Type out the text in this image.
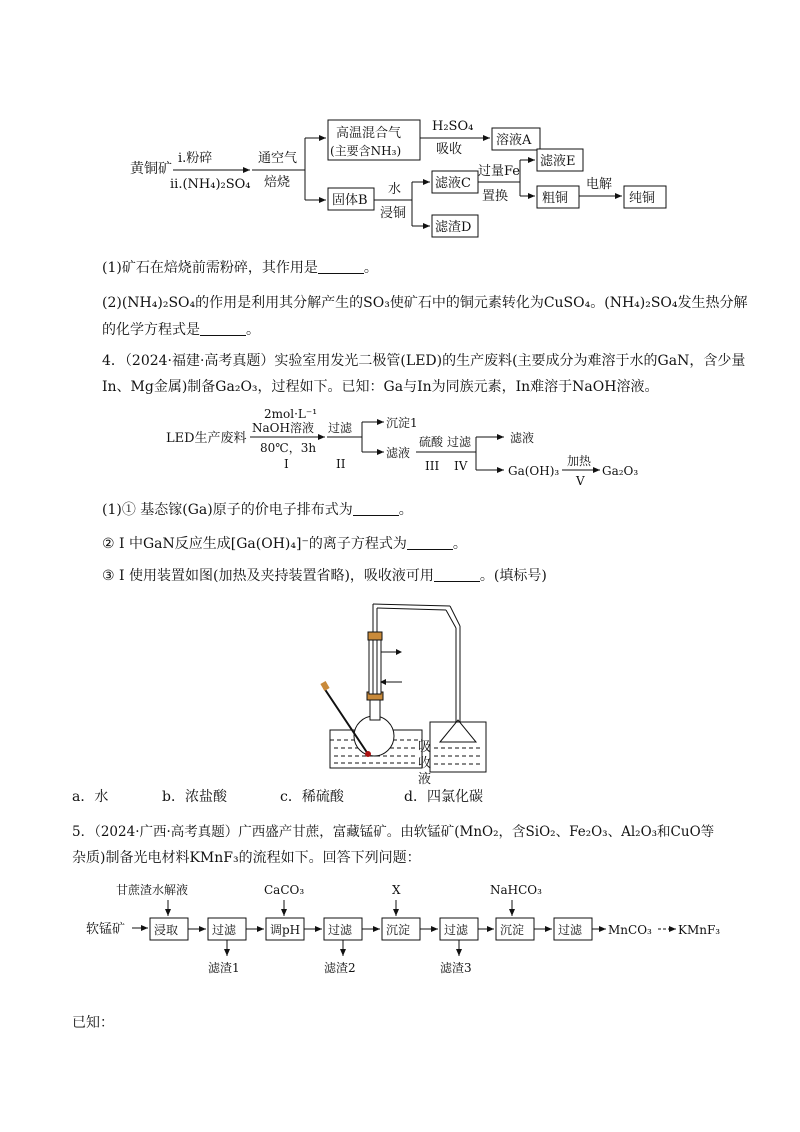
黄铜矿
i.粉碎
ii.(NH₄)₂SO₄
通空气
焙烧
高温混合气
(主要含NH₃)
H₂SO₄
吸收
溶液A
固体B
水
浸铜
滤液C
滤渣D
过量Fe
置换
滤液E
粗铜
电解
纯铜
(1)矿石在焙烧前需粉碎，其作用是	。
(2)(NH₄)₂SO₄的作用是利用其分解产生的SO₃使矿石中的铜元素转化为CuSO₄。(NH₄)₂SO₄发生热分解
的化学方程式是	。
4．（2024·福建·高考真题）实验室用发光二极管(LED)的生产废料(主要成分为难溶于水的GaN，含少量
In、Mg金属)制备Ga₂O₃，过程如下。已知：Ga与In为同族元素，In难溶于NaOH溶液。
LED生产废料
2mol·L⁻¹
NaOH溶液
80℃，3h
I
过滤
II
沉淀1
滤液
硫酸 过滤
III IV
滤液
Ga(OH)₃
加热
V
Ga₂O₃
(1)① 基态镓(Ga)原子的价电子排布式为	。
② I 中GaN反应生成[Ga(OH)₄]⁻的离子方程式为	。
③ I 使用装置如图(加热及夹持装置省略)，吸收液可用	。(填标号)
吸收液
a．水	b．浓盐酸	c．稀硫酸	d．四氯化碳
5．（2024·广西·高考真题）广西盛产甘蔗，富藏锰矿。由软锰矿(MnO₂，含SiO₂、Fe₂O₃、Al₂O₃和CuO等
杂质)制备光电材料KMnF₃的流程如下。回答下列问题：
软锰矿
甘蔗渣水解液	CaCO₃	X	NaHCO₃
浸取	过滤	调pH 过滤	沉淀	过滤	沉淀	过滤 MnCO₃ KMnF₃
滤渣1	滤渣2	滤渣3
已知：
